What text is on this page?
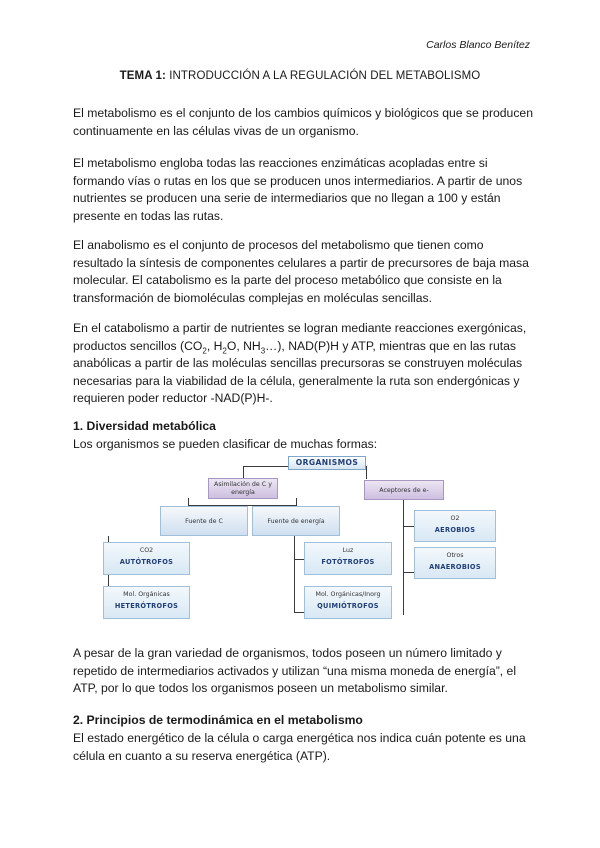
Carlos Blanco Benítez
TEMA 1: INTRODUCCIÓN A LA REGULACIÓN DEL METABOLISMO
El metabolismo es el conjunto de los cambios químicos y biológicos que se producen continuamente en las células vivas de un organismo.
El metabolismo engloba todas las reacciones enzimáticas acopladas entre si formando vías o rutas en los que se producen unos intermediarios. A partir de unos nutrientes se producen una serie de intermediarios que no llegan a 100 y están presente en todas las rutas.
El anabolismo es el conjunto de procesos del metabolismo que tienen como resultado la síntesis de componentes celulares a partir de precursores de baja masa molecular. El catabolismo es la parte del proceso metabólico que consiste en la transformación de biomoléculas complejas en moléculas sencillas.
En el catabolismo a partir de nutrientes se logran mediante reacciones exergónicas, productos sencillos ($CO_2$, $H_2O$, $NH_3\dots$), NAD(P)H y ATP, mientras que en las rutas anabólicas a partir de las moléculas sencillas precursoras se construyen moléculas necesarias para la viabilidad de la célula, generalmente la ruta son endergónicas y requieren poder reductor -NAD(P)H-.
1. Diversidad metabólica
Los organismos se pueden clasificar de muchas formas:
ORGANISMOS
Asimilación de C y energía	Aceptores de e-
Fuente de C	Fuente de energía
CO2
AUTÓTROFOS
Mol. Orgánicas
HETERÓTROFOS
Luz
FOTÓTROFOS
Mol. Orgánicas/Inorg
QUIMIÓTROFOS
O2
AEROBIOS
Otros
ANAEROBIOS
A pesar de la gran variedad de organismos, todos poseen un número limitado y repetido de intermediarios activados y utilizan “una misma moneda de energía”, el ATP, por lo que todos los organismos poseen un metabolismo similar.
2. Principios de termodinámica en el metabolismo
El estado energético de la célula o carga energética nos indica cuán potente es una célula en cuanto a su reserva energética (ATP).
